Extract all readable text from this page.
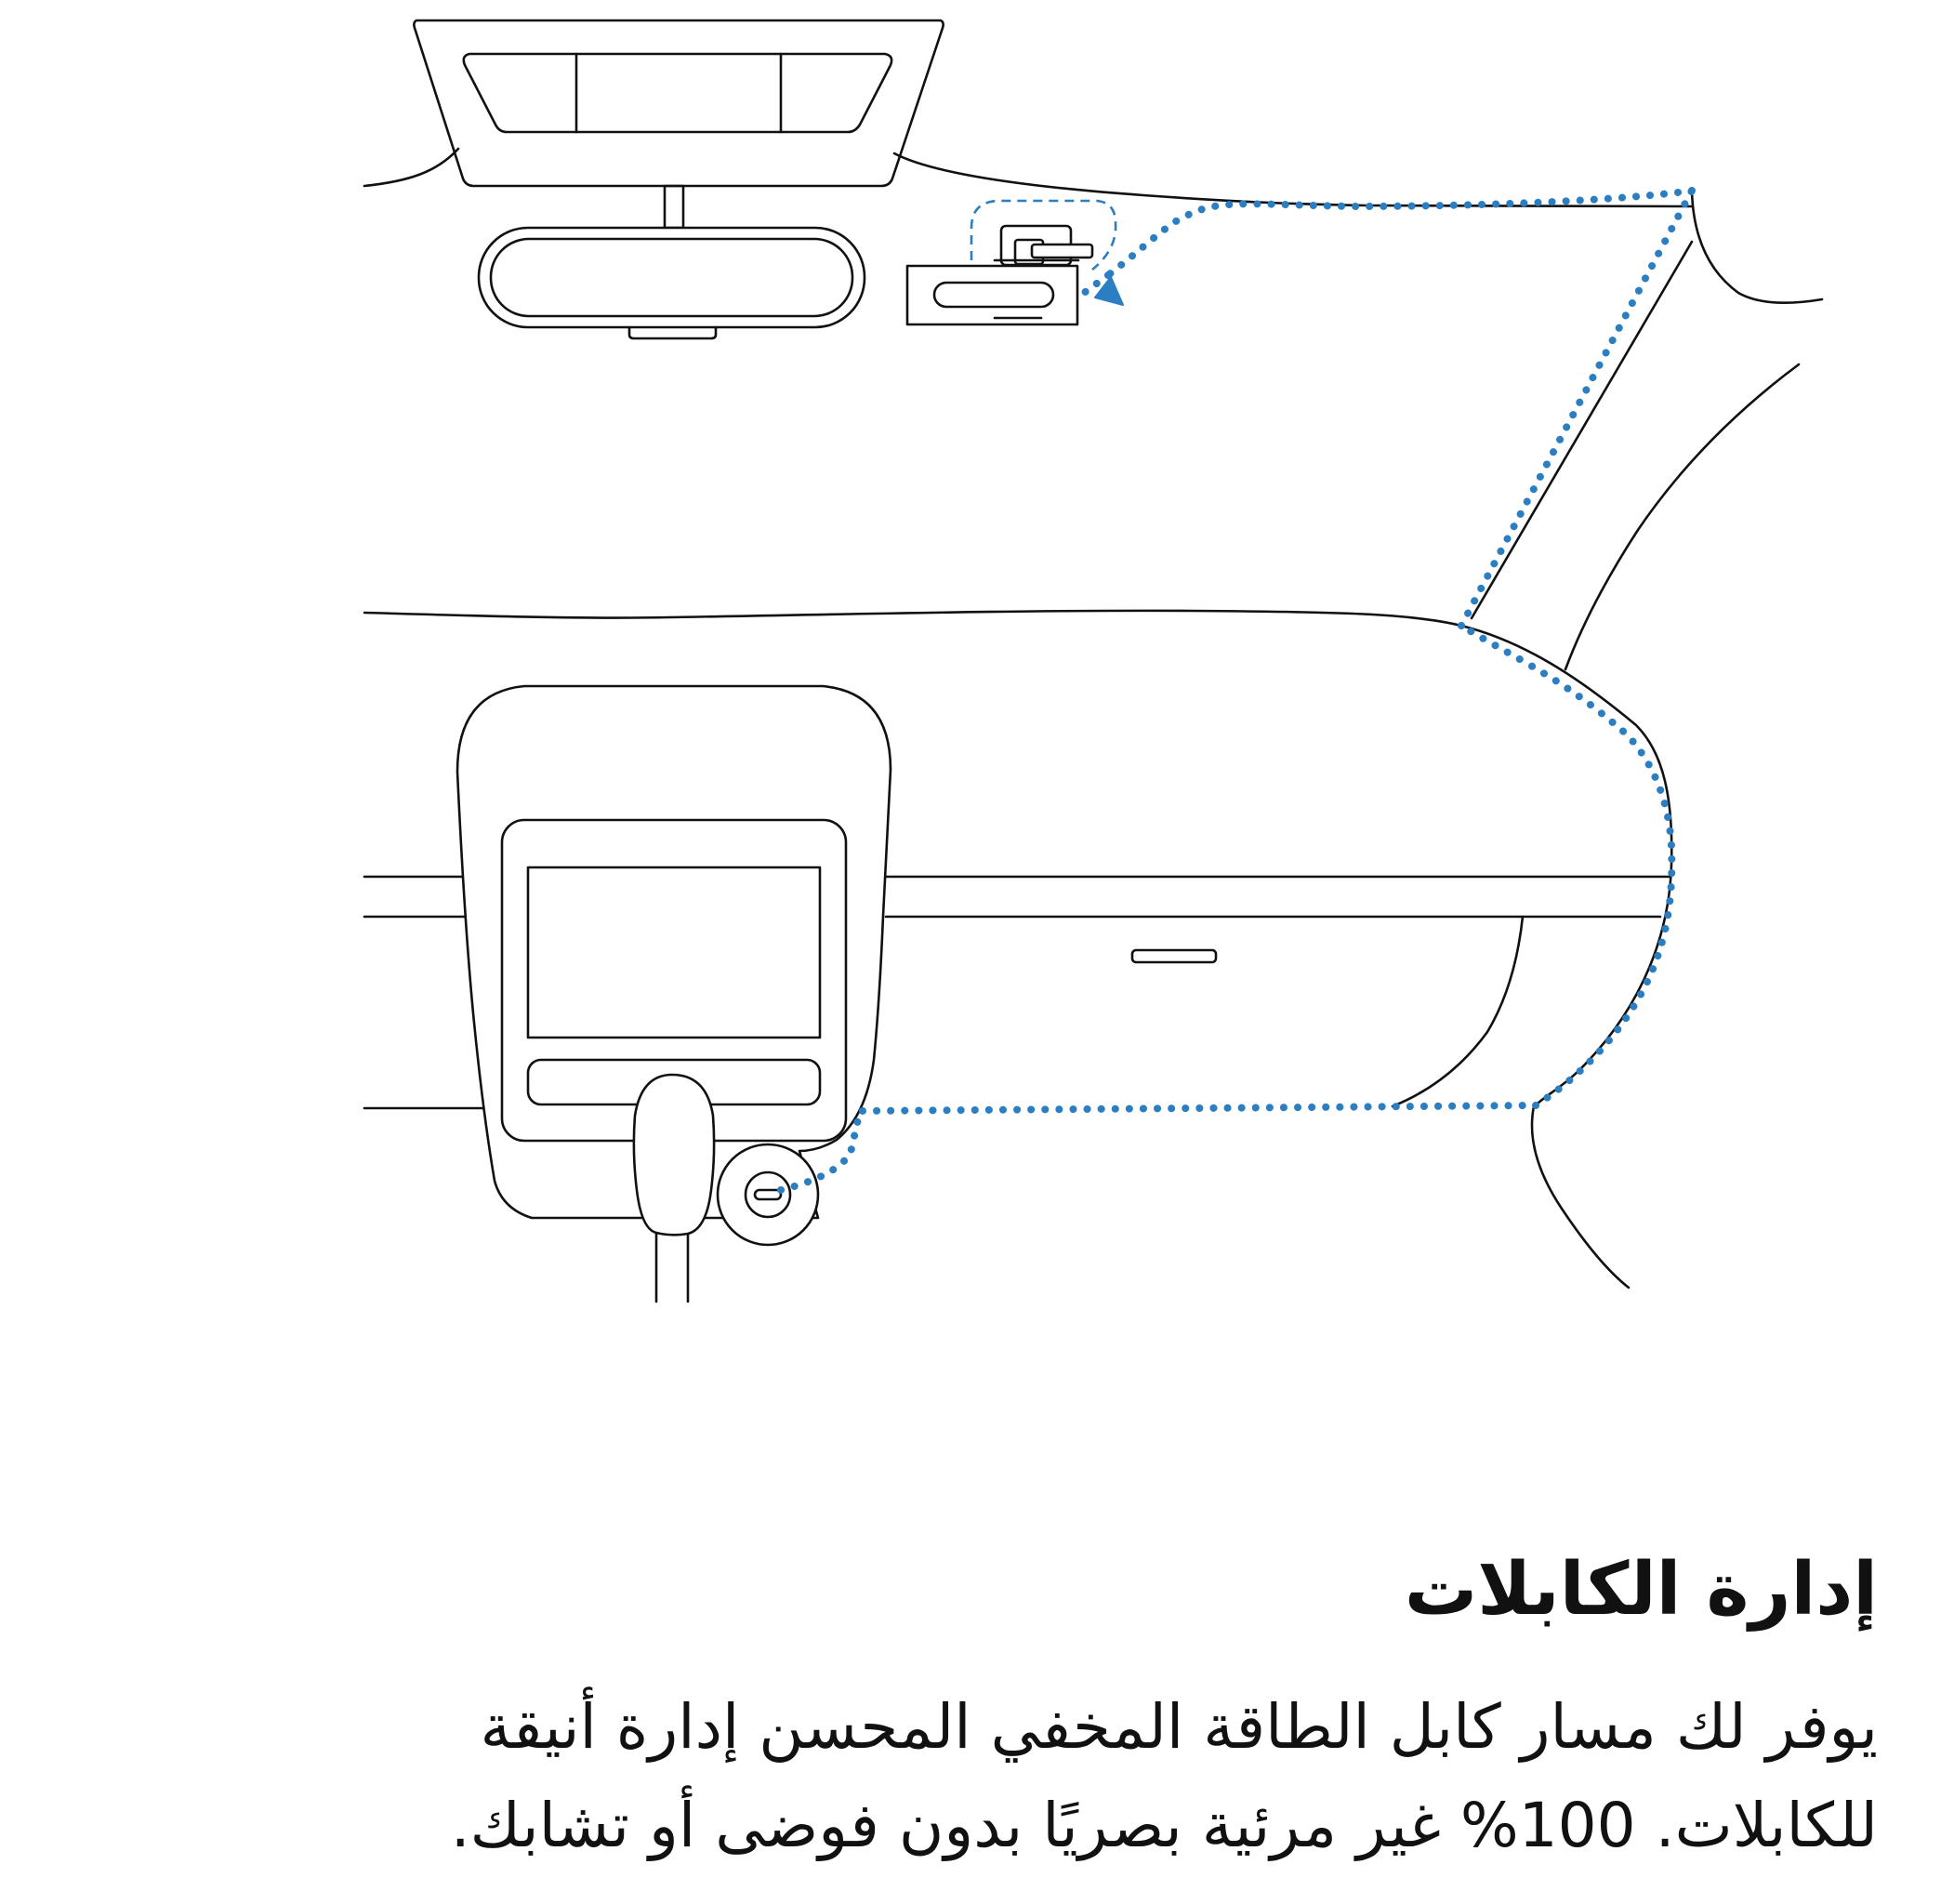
إدارة الكابلات
يوفر لك مسار كابل الطاقة المخفي المحسن إدارة أنيقة للكابلات. 100% غير مرئية بصريًا بدون فوضى أو تشابك.
